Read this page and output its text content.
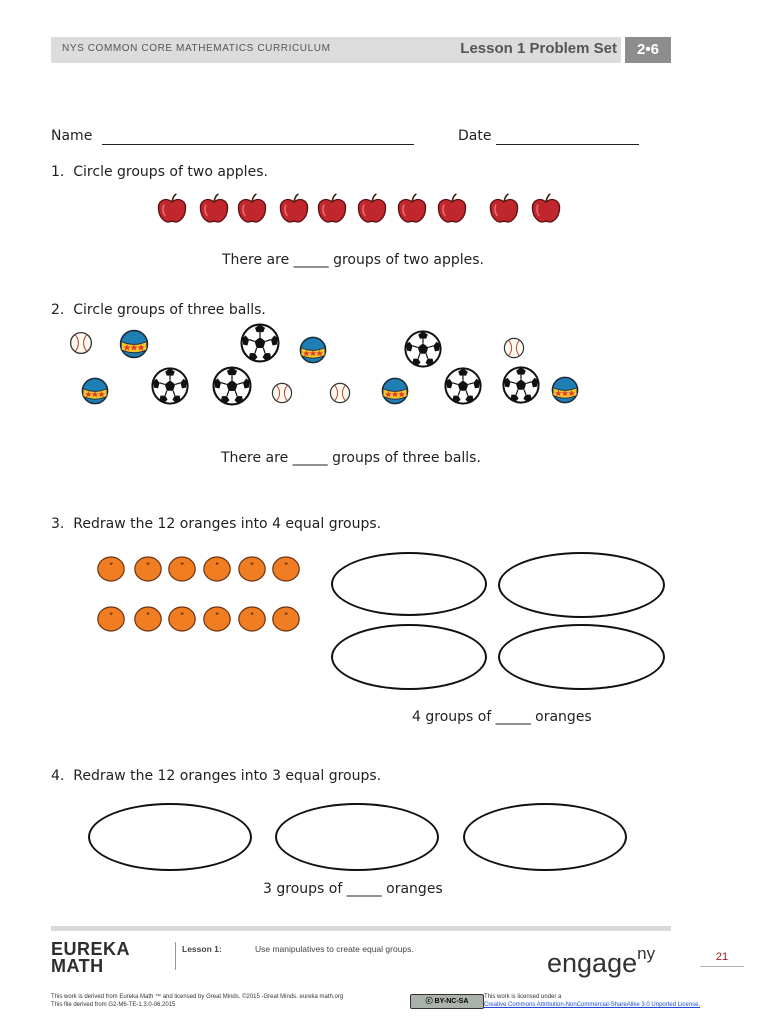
NYS COMMON CORE MATHEMATICS CURRICULUM	Lesson 1 Problem Set	2•6
Name	Date
1. Circle groups of two apples.
There are _____ groups of two apples.
2. Circle groups of three balls.
There are _____ groups of three balls.
3. Redraw the 12 oranges into 4 equal groups.
4 groups of _____ oranges
4. Redraw the 12 oranges into 3 equal groups.
3 groups of _____ oranges
EUREKA
MATH
Lesson 1:	Use manipulatives to create equal groups.	engage$^{ny}$	21
This work is derived from Eureka Math ™ and licensed by Great Minds. ©2015 -Great Minds. eureka math.org
This file derived from G2-M6-TE-1.3.0-06.2015	ⓒ BY-NC-SA
This work is licensed under a
Creative Commons Attribution-NonCommercial-ShareAlike 3.0 Unported License.
